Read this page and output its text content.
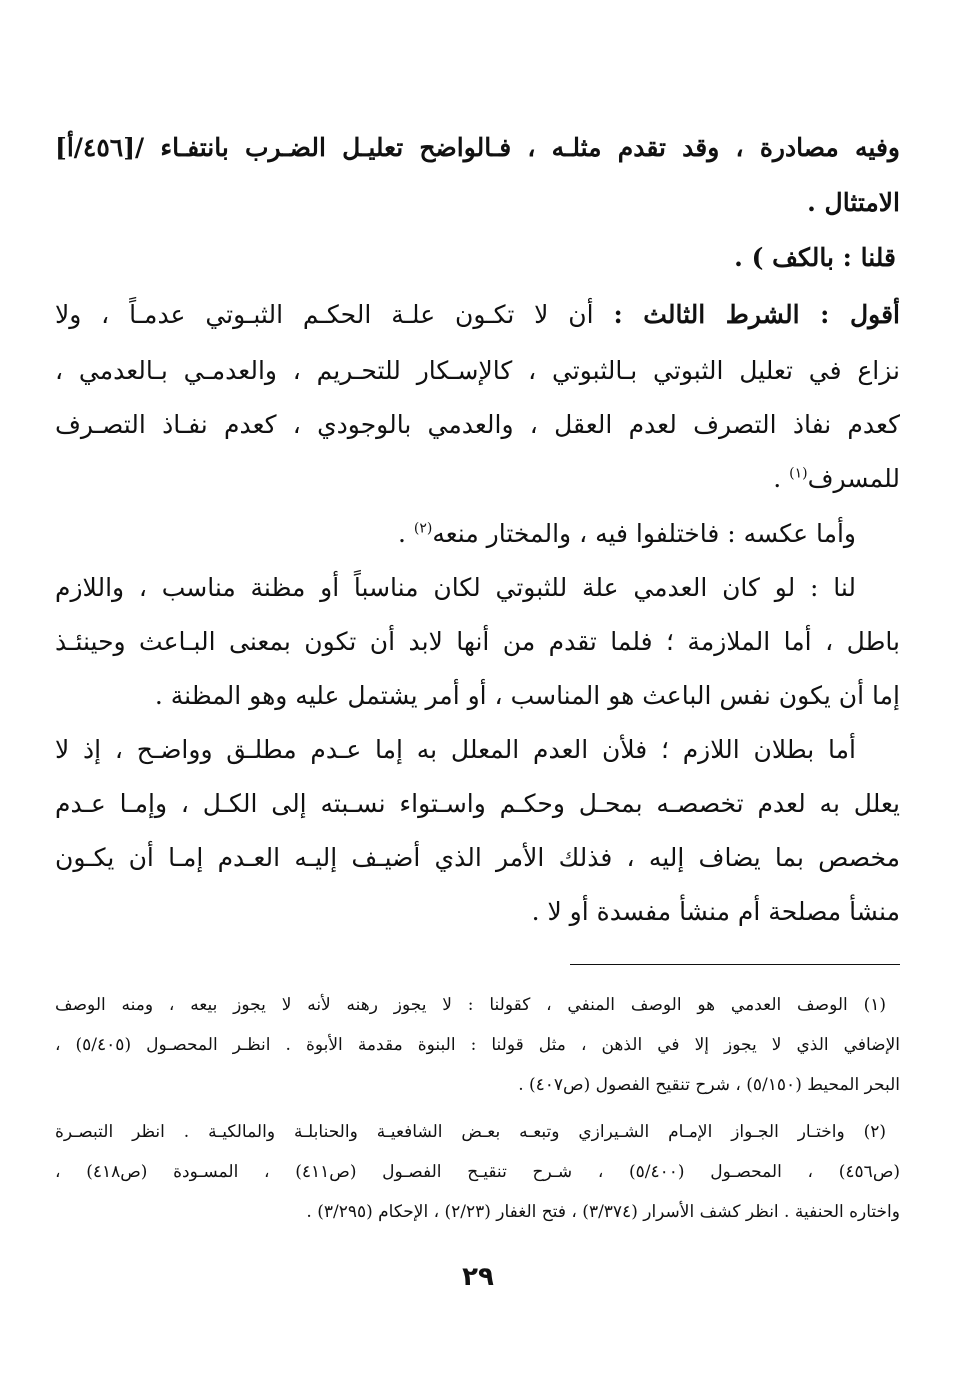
وفيه مصادرة ، وقد تقدم مثلـه ، فـالواضح تعليـل الضـرب بانتفـاء /[٤٥٦/أ]
الامتثال .
قلنا : بالكف ) .
أقول : الشرط الثالث : أن لا تكـون علـة الحكـم الثبـوتي عدمـاً ، ولا
نزاع في تعليل الثبوتي بـالثبوتي ، كالإسـكار للتحـريم ، والعدمـي بـالعدمي ،
كعدم نفاذ التصرف لعدم العقل ، والعدمي بالوجودي ، كعدم نفـاذ التصـرف
للمسرف$^{(١)}$ .
وأما عكسه : فاختلفوا فيه ، والمختار منعه$^{(٢)}$ .
لنا : لو كان العدمي علة للثبوتي لكان مناسباً أو مظنة مناسب ، واللازم
باطل ، أما الملازمة ؛ فلما تقدم من أنها لابد أن تكون بمعنى البـاعث وحينئـذ
إما أن يكون نفس الباعث هو المناسب ، أو أمر يشتمل عليه وهو المظنة .
أما بطلان اللازم ؛ فلأن العدم المعلل به إما عـدم مطلـق وواضـح ، إذ لا
يعلل به لعدم تخصصـه بمحـل وحكـم واسـتواء نسـبته إلى الكـل ، وإمـا عـدم
مخصص بما يضاف إليه ، فذلك الأمر الذي أضيـف إليـه العـدم إمـا أن يكـون
منشأ مصلحة أم منشأ مفسدة أو لا .
(١) الوصف العدمي هو الوصف المنفي ، كقولنا : لا يجوز رهنه لأنه لا يجوز بيعه ، ومنه الوصف
الإضافي الذي لا يجوز إلا في الذهن ، مثل قولنا : البنوة مقدمة الأبوة . انظـر المحصـول (٥/٤٠٥) ،
البحر المحيط (٥/١٥٠) ، شرح تنقيح الفصول (ص٤٠٧) .
(٢) واختـار الجـواز الإمـام الشـيرازي وتبعـه بعـض الشافعيـة والحنابلـة والمالكيـة . انظر التبصـرة
(ص٤٥٦) ، المحصـول (٥/٤٠٠) ، شـرح تنقيـح الفصـول (ص٤١١) ، المسـودة (ص٤١٨) ،
واختاره الحنفية . انظر كشف الأسرار (٣/٣٧٤) ، فتح الغفار (٢/٢٣) ، الإحكام (٣/٢٩٥) .
٢٩
